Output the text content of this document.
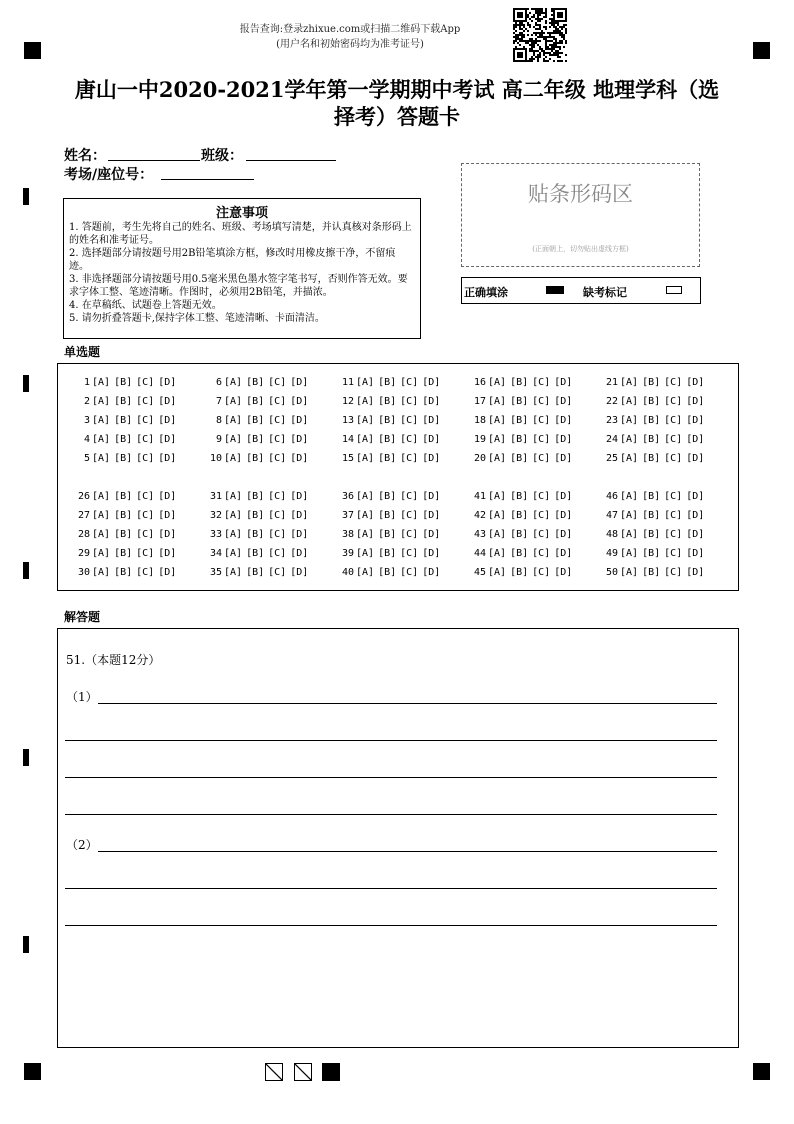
报告查询:登录zhixue.com或扫描二维码下载App
(用户名和初始密码均为准考证号)
唐山一中2020-2021学年第一学期期中考试 高二年级 地理学科（选
择考）答题卡
姓名：	班级：
考场/座位号：
注意事项
1. 答题前，考生先将自己的姓名、班级、考场填写清楚，并认真核对条形码上的姓名和准考证号。
2. 选择题部分请按题号用2B铅笔填涂方框，修改时用橡皮擦干净，不留痕迹。
3. 非选择题部分请按题号用0.5毫米黑色墨水签字笔书写，否则作答无效。要求字体工整、笔迹清晰。作图时，必须用2B铅笔，并描浓。
4. 在草稿纸、试题卷上答题无效。
5. 请勿折叠答题卡,保持字体工整、笔迹清晰、卡面清洁。
贴条形码区
(正面朝上，切勿贴出虚线方框)
正确填涂	缺考标记
单选题
1 [A] [B] [C] [D]
2 [A] [B] [C] [D]
3 [A] [B] [C] [D]
4 [A] [B] [C] [D]
5 [A] [B] [C] [D]
6 [A] [B] [C] [D]
7 [A] [B] [C] [D]
8 [A] [B] [C] [D]
9 [A] [B] [C] [D]
10 [A] [B] [C] [D]
11 [A] [B] [C] [D]
12 [A] [B] [C] [D]
13 [A] [B] [C] [D]
14 [A] [B] [C] [D]
15 [A] [B] [C] [D]
16 [A] [B] [C] [D]
17 [A] [B] [C] [D]
18 [A] [B] [C] [D]
19 [A] [B] [C] [D]
20 [A] [B] [C] [D]
21 [A] [B] [C] [D]
22 [A] [B] [C] [D]
23 [A] [B] [C] [D]
24 [A] [B] [C] [D]
25 [A] [B] [C] [D]
26 [A] [B] [C] [D]
27 [A] [B] [C] [D]
28 [A] [B] [C] [D]
29 [A] [B] [C] [D]
30 [A] [B] [C] [D]
31 [A] [B] [C] [D]
32 [A] [B] [C] [D]
33 [A] [B] [C] [D]
34 [A] [B] [C] [D]
35 [A] [B] [C] [D]
36 [A] [B] [C] [D]
37 [A] [B] [C] [D]
38 [A] [B] [C] [D]
39 [A] [B] [C] [D]
40 [A] [B] [C] [D]
41 [A] [B] [C] [D]
42 [A] [B] [C] [D]
43 [A] [B] [C] [D]
44 [A] [B] [C] [D]
45 [A] [B] [C] [D]
46 [A] [B] [C] [D]
47 [A] [B] [C] [D]
48 [A] [B] [C] [D]
49 [A] [B] [C] [D]
50 [A] [B] [C] [D]
解答题
51.（本题12分）
（1）
（2）
